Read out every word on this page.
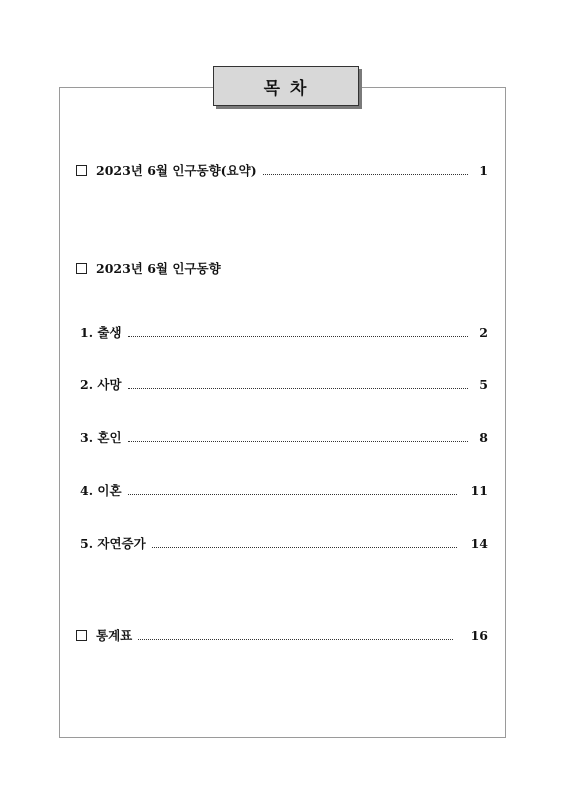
목 차
2023년 6월 인구동향(요약)	1
2023년 6월 인구동향
1. 출생	2
2. 사망	5
3. 혼인	8
4. 이혼	11
5. 자연증가	14
통계표	16
